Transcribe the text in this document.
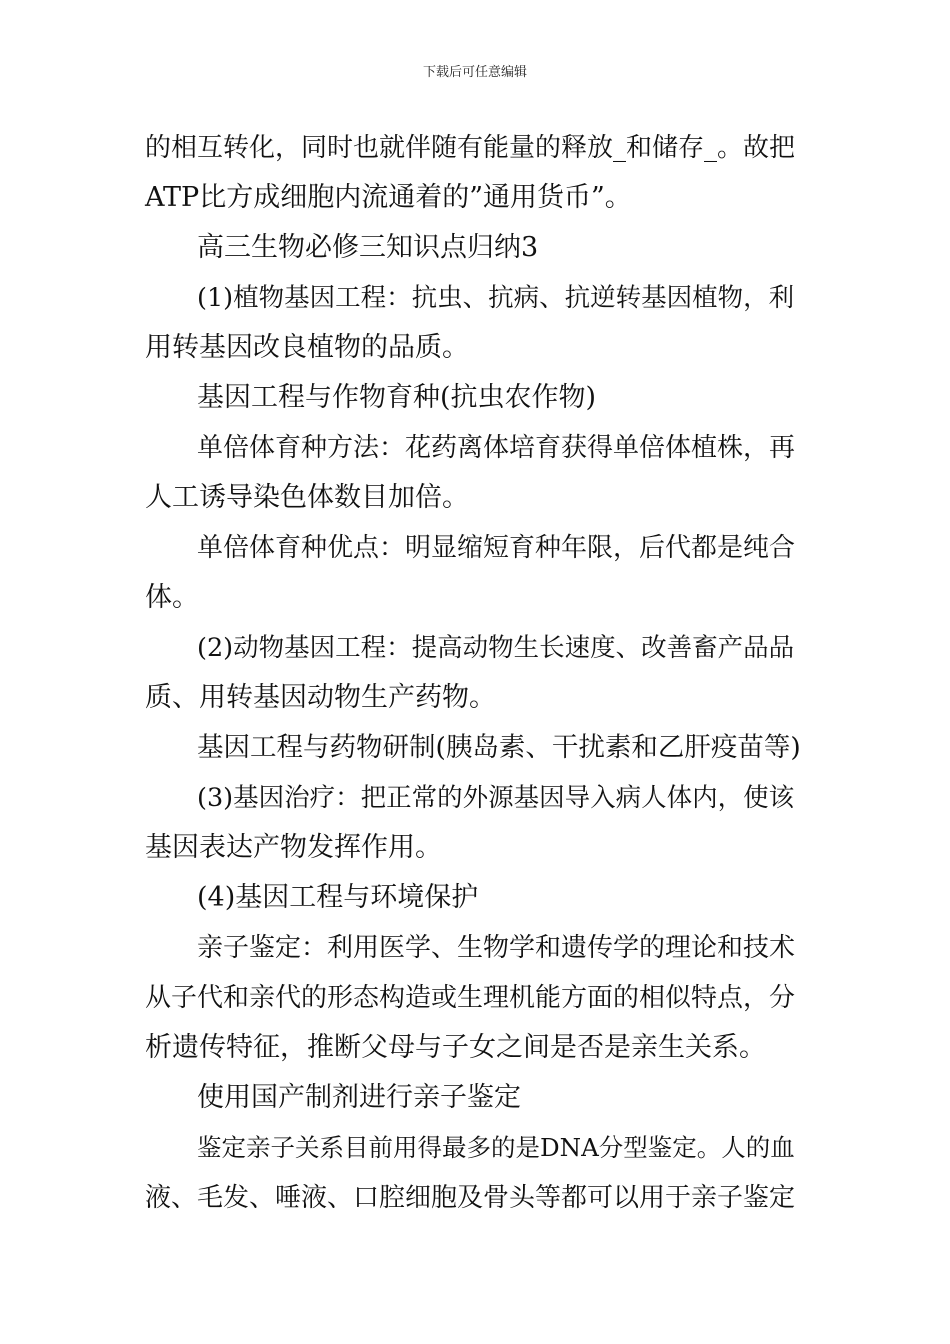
下载后可任意编辑
的相互转化，同时也就伴随有能量的释放_和储存_。故把
ATP比方成细胞内流通着的”通用货币”。
高三生物必修三知识点归纳3
(1)植物基因工程：抗虫、抗病、抗逆转基因植物，利
用转基因改良植物的品质。
基因工程与作物育种(抗虫农作物)
单倍体育种方法：花药离体培育获得单倍体植株，再
人工诱导染色体数目加倍。
单倍体育种优点：明显缩短育种年限，后代都是纯合
体。
(2)动物基因工程：提高动物生长速度、改善畜产品品
质、用转基因动物生产药物。
基因工程与药物研制(胰岛素、干扰素和乙肝疫苗等)
(3)基因治疗：把正常的外源基因导入病人体内，使该
基因表达产物发挥作用。
(4)基因工程与环境保护
亲子鉴定：利用医学、生物学和遗传学的理论和技术
从子代和亲代的形态构造或生理机能方面的相似特点，分
析遗传特征，推断父母与子女之间是否是亲生关系。
使用国产制剂进行亲子鉴定
鉴定亲子关系目前用得最多的是DNA分型鉴定。人的血
液、毛发、唾液、口腔细胞及骨头等都可以用于亲子鉴定
